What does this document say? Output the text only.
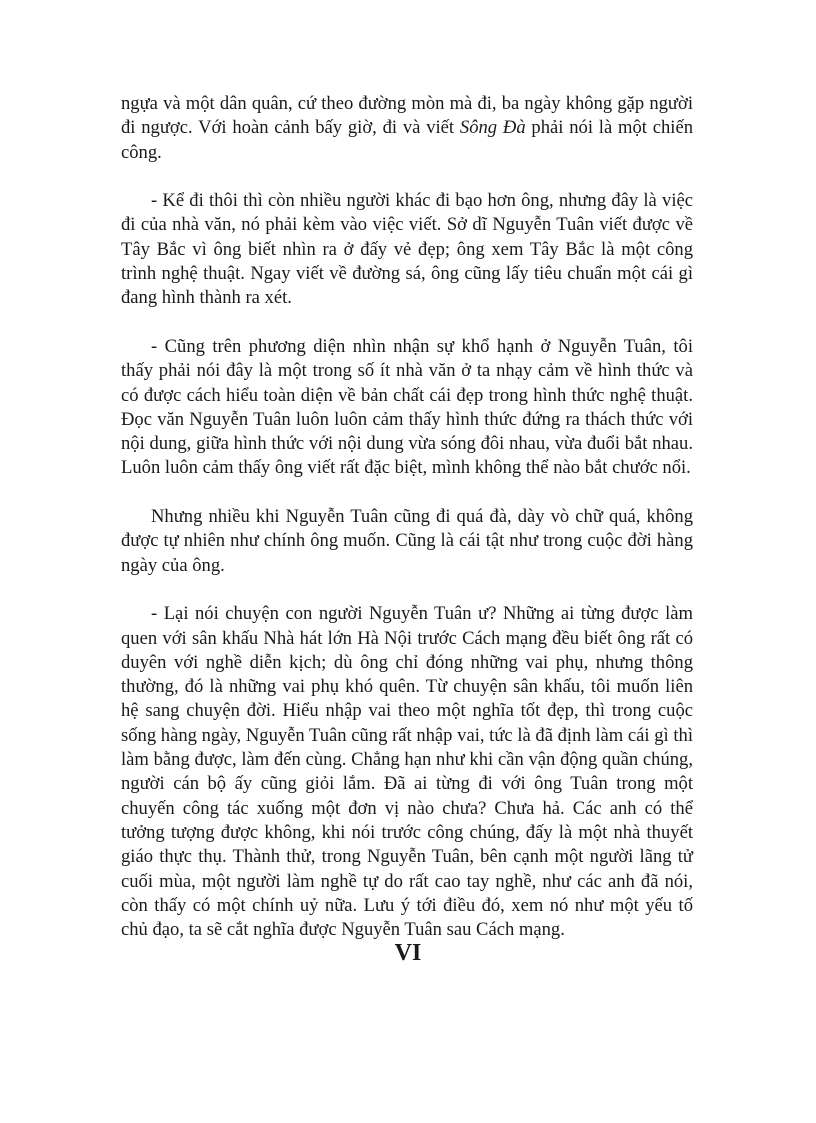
ngựa và một dân quân, cứ theo đường mòn mà đi, ba ngày không gặp người đi ngược. Với hoàn cảnh bấy giờ, đi và viết Sông Đà phải nói là một chiến công.

- Kể đi thôi thì còn nhiều người khác đi bạo hơn ông, nhưng đây là việc đi của nhà văn, nó phải kèm vào việc viết. Sở dĩ Nguyễn Tuân viết được về Tây Bắc vì ông biết nhìn ra ở đấy vẻ đẹp; ông xem Tây Bắc là một công trình nghệ thuật. Ngay viết về đường sá, ông cũng lấy tiêu chuẩn một cái gì đang hình thành ra xét.

- Cũng trên phương diện nhìn nhận sự khổ hạnh ở Nguyễn Tuân, tôi thấy phải nói đây là một trong số ít nhà văn ở ta nhạy cảm về hình thức và có được cách hiểu toàn diện về bản chất cái đẹp trong hình thức nghệ thuật. Đọc văn Nguyễn Tuân luôn luôn cảm thấy hình thức đứng ra thách thức với nội dung, giữa hình thức với nội dung vừa sóng đôi nhau, vừa đuổi bắt nhau. Luôn luôn cảm thấy ông viết rất đặc biệt, mình không thể nào bắt chước nổi.

Nhưng nhiều khi Nguyễn Tuân cũng đi quá đà, dày vò chữ quá, không được tự nhiên như chính ông muốn. Cũng là cái tật như trong cuộc đời hàng ngày của ông.

- Lại nói chuyện con người Nguyễn Tuân ư? Những ai từng được làm quen với sân khấu Nhà hát lớn Hà Nội trước Cách mạng đều biết ông rất có duyên với nghề diễn kịch; dù ông chỉ đóng những vai phụ, nhưng thông thường, đó là những vai phụ khó quên. Từ chuyện sân khấu, tôi muốn liên hệ sang chuyện đời. Hiểu nhập vai theo một nghĩa tốt đẹp, thì trong cuộc sống hàng ngày, Nguyễn Tuân cũng rất nhập vai, tức là đã định làm cái gì thì làm bằng được, làm đến cùng. Chẳng hạn như khi cần vận động quần chúng, người cán bộ ấy cũng giỏi lắm. Đã ai từng đi với ông Tuân trong một chuyến công tác xuống một đơn vị nào chưa? Chưa hả. Các anh có thể tưởng tượng được không, khi nói trước công chúng, đấy là một nhà thuyết giáo thực thụ. Thành thử, trong Nguyễn Tuân, bên cạnh một người lãng tử cuối mùa, một người làm nghề tự do rất cao tay nghề, như các anh đã nói, còn thấy có một chính uỷ nữa. Lưu ý tới điều đó, xem nó như một yếu tố chủ đạo, ta sẽ cắt nghĩa được Nguyễn Tuân sau Cách mạng.

VI
